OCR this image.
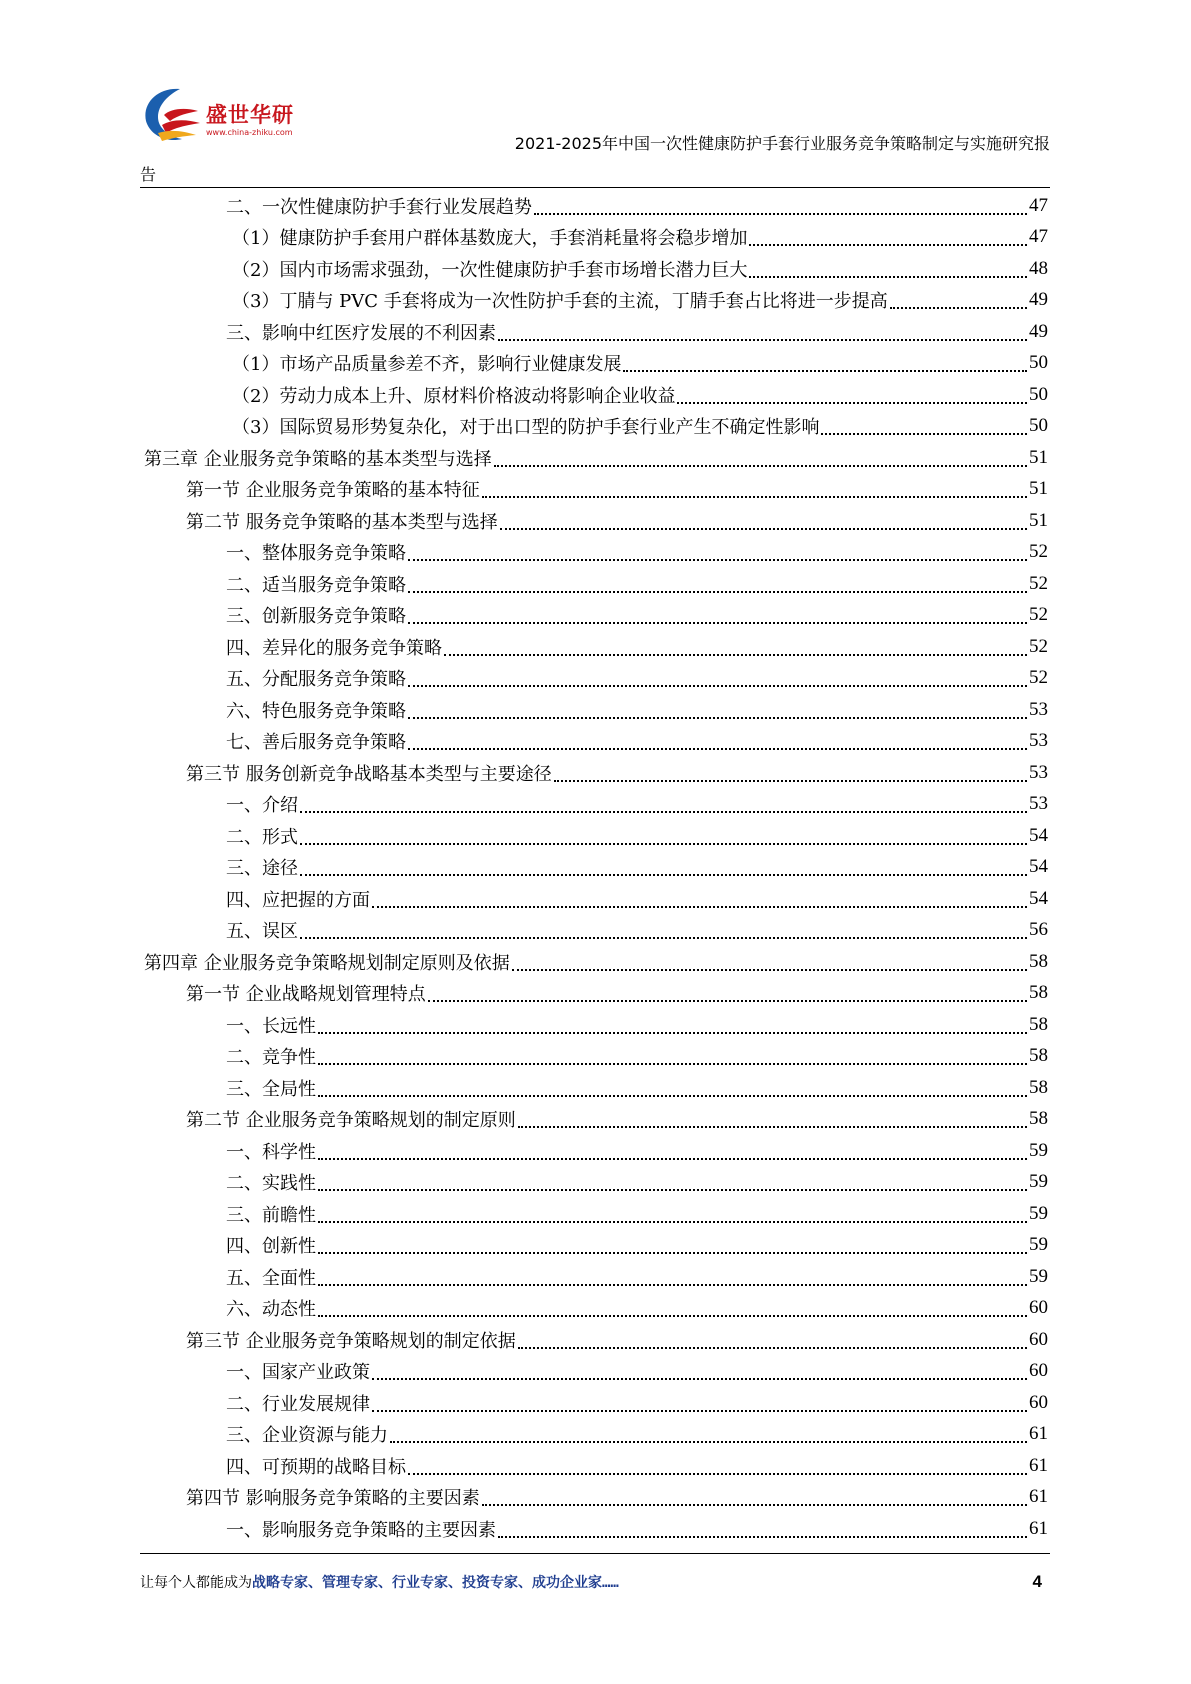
盛世华研
www.china-zhiku.com
2021-2025年中国一次性健康防护手套行业服务竞争策略制定与实施研究报
告
二、一次性健康防护手套行业发展趋势	47
（1）健康防护手套用户群体基数庞大，手套消耗量将会稳步增加	47
（2）国内市场需求强劲，一次性健康防护手套市场增长潜力巨大	48
（3）丁腈与 PVC 手套将成为一次性防护手套的主流，丁腈手套占比将进一步提高	49
三、影响中红医疗发展的不利因素	49
（1）市场产品质量参差不齐，影响行业健康发展	50
（2）劳动力成本上升、原材料价格波动将影响企业收益	50
（3）国际贸易形势复杂化，对于出口型的防护手套行业产生不确定性影响	50
第三章 企业服务竞争策略的基本类型与选择	51
第一节 企业服务竞争策略的基本特征	51
第二节 服务竞争策略的基本类型与选择	51
一、整体服务竞争策略	52
二、适当服务竞争策略	52
三、创新服务竞争策略	52
四、差异化的服务竞争策略	52
五、分配服务竞争策略	52
六、特色服务竞争策略	53
七、善后服务竞争策略	53
第三节 服务创新竞争战略基本类型与主要途径	53
一、介绍	53
二、形式	54
三、途径	54
四、应把握的方面	54
五、误区	56
第四章 企业服务竞争策略规划制定原则及依据	58
第一节 企业战略规划管理特点	58
一、长远性	58
二、竞争性	58
三、全局性	58
第二节 企业服务竞争策略规划的制定原则	58
一、科学性	59
二、实践性	59
三、前瞻性	59
四、创新性	59
五、全面性	59
六、动态性	60
第三节 企业服务竞争策略规划的制定依据	60
一、国家产业政策	60
二、行业发展规律	60
三、企业资源与能力	61
四、可预期的战略目标	61
第四节 影响服务竞争策略的主要因素	61
一、影响服务竞争策略的主要因素	61
让每个人都能成为战略专家、管理专家、行业专家、投资专家、成功企业家……	4
